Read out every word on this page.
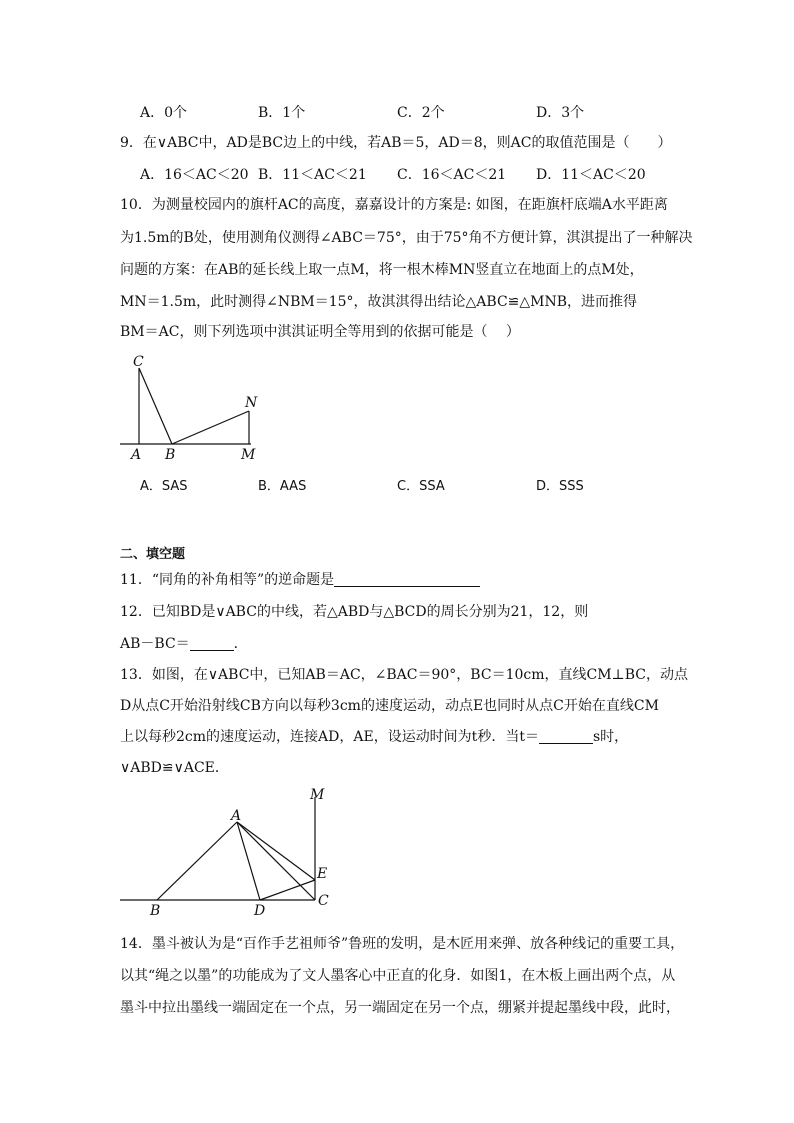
A．0个	B．1个	C．2个	D．3个
9．在∨ABC中，AD是BC边上的中线，若AB＝5，AD＝8，则AC的取值范围是（　　）
A．16＜AC＜20 B．11＜AC＜21 C．16＜AC＜21 D．11＜AC＜20
10．为测量校园内的旗杆AC的高度，嘉嘉设计的方案是: 如图，在距旗杆底端A水平距离
为1.5m的B处，使用测角仪测得∠ABC＝75°，由于75°角不方便计算，淇淇提出了一种解决
问题的方案：在AB的延长线上取一点M，将一根木棒MN竖直立在地面上的点M处，
MN＝1.5m，此时测得∠NBM＝15°，故淇淇得出结论△ABC≌△MNB，进而推得
BM＝AC，则下列选项中淇淇证明全等用到的依据可能是（　 ）
C
N
A B	M
A．SAS	B．AAS	C．SSA	D．SSS
二、填空题
11．“同角的补角相等”的逆命题是
12．已知BD是∨ABC的中线，若△ABD与△BCD的周长分别为21，12，则
AB－BC＝	．
13．如图，在∨ABC中，已知AB＝AC，∠BAC＝90°，BC＝10cm，直线CM⊥BC，动点
D从点C开始沿射线CB方向以每秒3cm的速度运动，动点E也同时从点C开始在直线CM
上以每秒2cm的速度运动，连接AD，AE，设运动时间为t秒．当t＝	s时，
∨ABD≌∨ACE．
M
A
E
B	D
C
14．墨斗被认为是“百作手艺祖师爷”鲁班的发明，是木匠用来弹、放各种线记的重要工具，
以其“绳之以墨”的功能成为了文人墨客心中正直的化身．如图1，在木板上画出两个点，从
墨斗中拉出墨线一端固定在一个点，另一端固定在另一个点，绷紧并提起墨线中段，此时，
